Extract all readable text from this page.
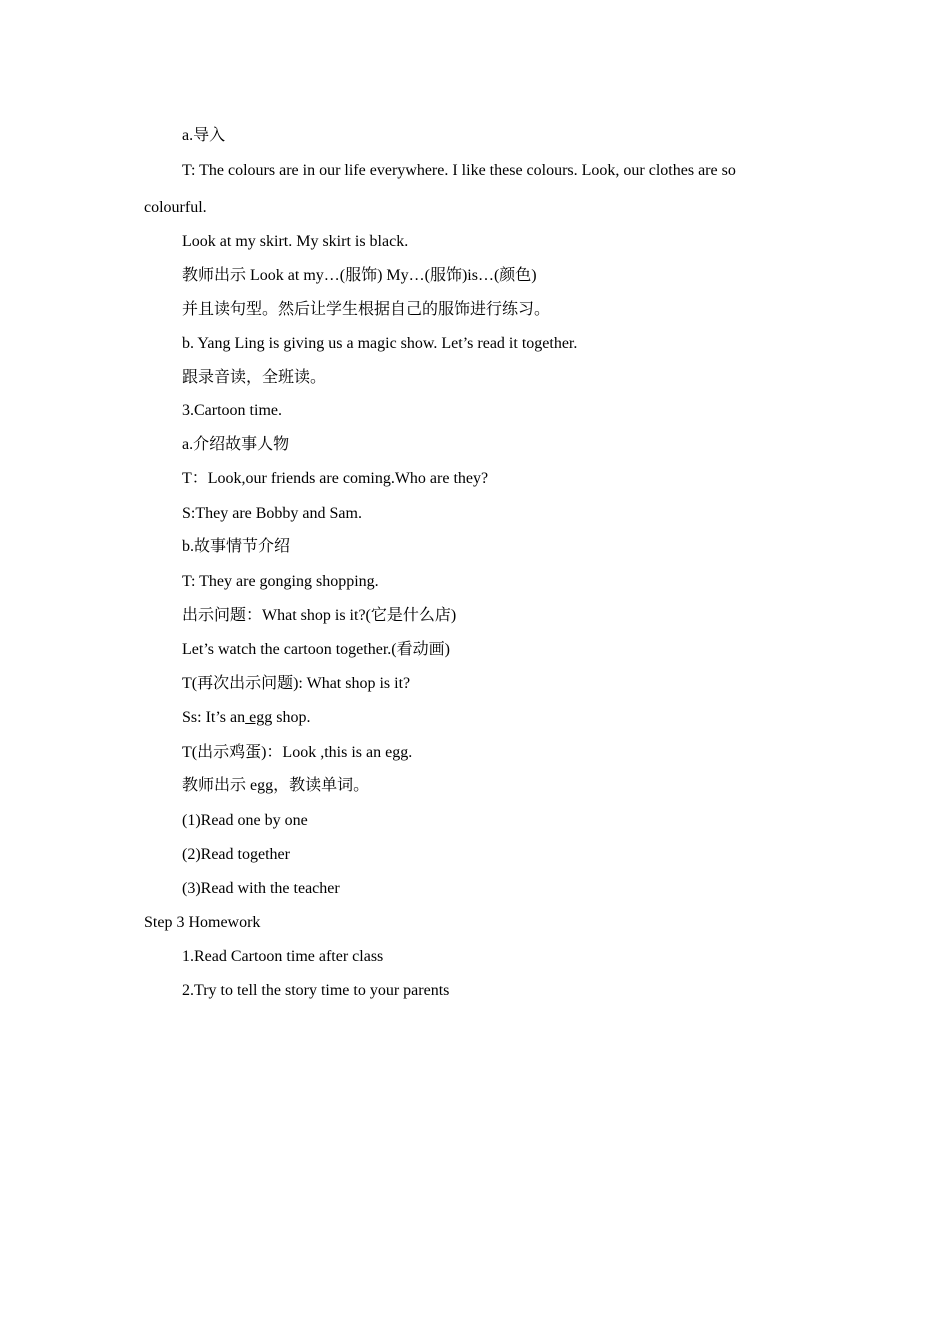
a.导入
T: The colours are in our life everywhere. I like these colours. Look, our clothes are so
colourful.
Look at my skirt. My skirt is black.
教师出示 Look at my…(服饰) My…(服饰)is…(颜色)
并且读句型。然后让学生根据自己的服饰进行练习。
b. Yang Ling is giving us a magic show. Let’s read it together.
跟录音读，全班读。
3.Cartoon time.
a.介绍故事人物
T：Look,our friends are coming.Who are they?
S:They are Bobby and Sam.
b.故事情节介绍
T: They are gonging shopping.
出示问题：What shop is it?(它是什么店)
Let’s watch the cartoon together.(看动画)
T(再次出示问题): What shop is it?
Ss: It’s an egg shop.
T(出示鸡蛋)：Look ,this is an egg.
教师出示 egg，教读单词。
(1)Read one by one
(2)Read together
(3)Read with the teacher
Step 3 Homework
1.Read Cartoon time after class
2.Try to tell the story time to your parents
